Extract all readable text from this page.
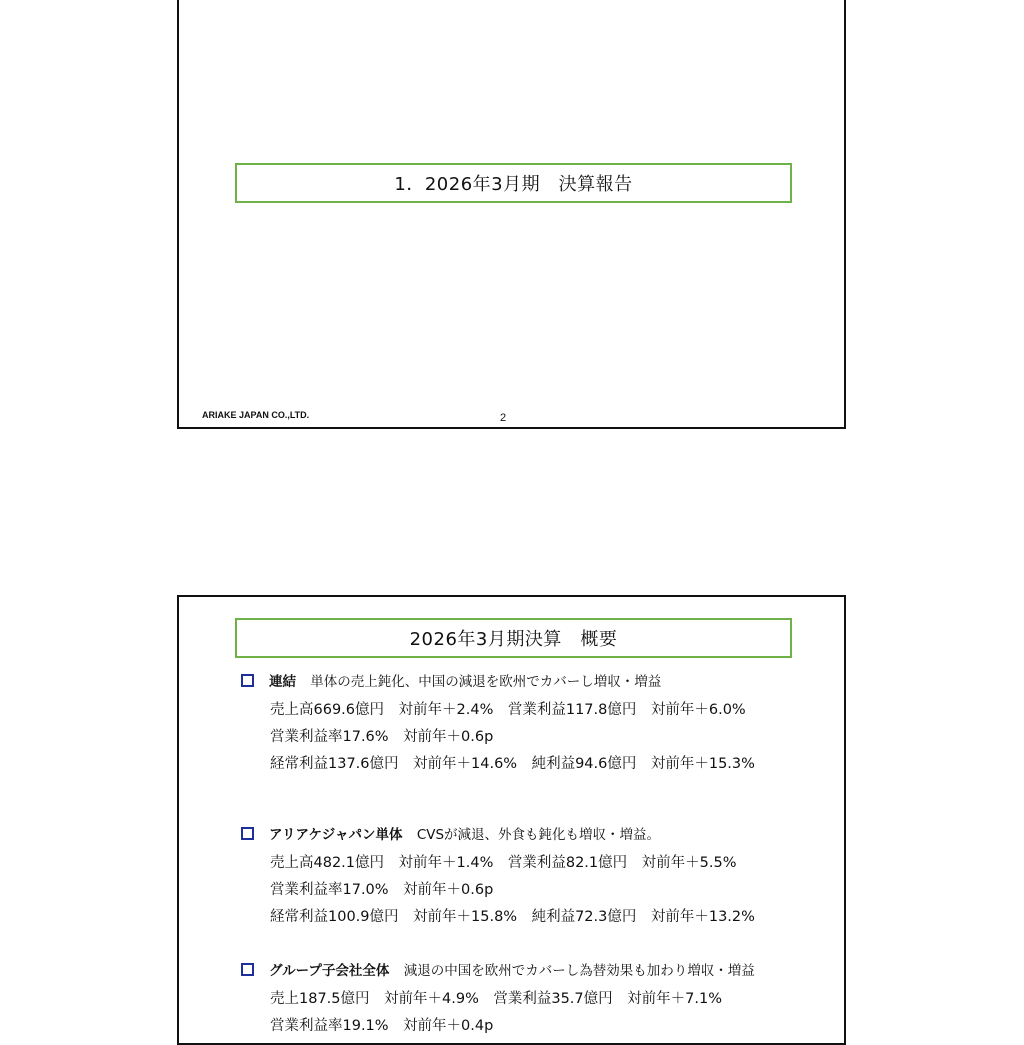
1．2026年3月期　決算報告
ARIAKE JAPAN CO.,LTD.	2
2026年3月期決算　概要
連結 単体の売上鈍化、中国の減退を欧州でカバーし増収・増益
売上高669.6億円　対前年＋2.4%　営業利益117.8億円　対前年＋6.0%
営業利益率17.6%　対前年＋0.6p
経常利益137.6億円　対前年＋14.6%　純利益94.6億円　対前年＋15.3%
アリアケジャパン単体 CVSが減退、外食も鈍化も増収・増益。
売上高482.1億円　対前年＋1.4%　営業利益82.1億円　対前年＋5.5%
営業利益率17.0%　対前年＋0.6p
経常利益100.9億円　対前年＋15.8%　純利益72.3億円　対前年＋13.2%
グループ子会社全体 減退の中国を欧州でカバーし為替効果も加わり増収・増益
売上187.5億円　対前年＋4.9%　営業利益35.7億円　対前年＋7.1%
営業利益率19.1%　対前年＋0.4p
